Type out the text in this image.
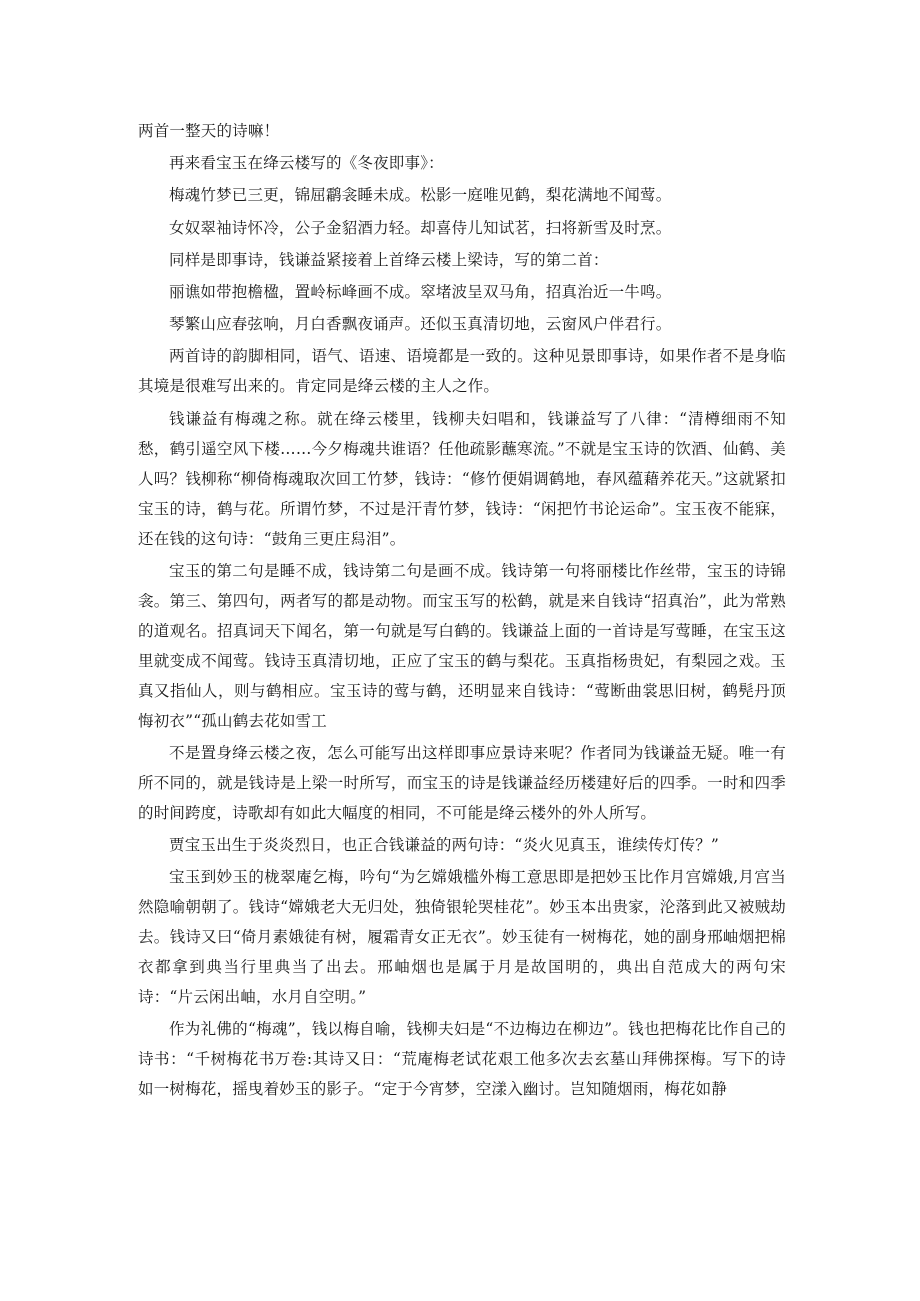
两首一整天的诗嘛！

再来看宝玉在绛云楼写的《冬夜即事》：

梅魂竹梦已三更，锦屈鹴衾睡未成。松影一庭唯见鹤，梨花满地不闻莺。

女奴翠袖诗怀冷，公子金貂酒力轻。却喜侍儿知试茗，扫将新雪及时烹。

同样是即事诗，钱谦益紧接着上首绛云楼上梁诗，写的第二首：

丽谯如带抱檐楹，置岭标峰画不成。窣堵波呈双马角，招真治近一牛鸣。

琴繁山应春弦响，月白香飘夜诵声。还似玉真清切地，云窗风户伴君行。

两首诗的韵脚相同，语气、语速、语境都是一致的。这种见景即事诗，如果作者不是身临其境是很难写出来的。肯定同是绛云楼的主人之作。

钱谦益有梅魂之称。就在绛云楼里，钱柳夫妇唱和，钱谦益写了八律：“清樽细雨不知愁，鹤引遥空风下楼……今夕梅魂共谁语？任他疏影蘸寒流。”不就是宝玉诗的饮酒、仙鹤、美人吗？钱柳称“柳倚梅魂取次回工竹梦，钱诗：“修竹便娟调鹤地，春风蕴藉养花天。”这就紧扣宝玉的诗，鹤与花。所谓竹梦，不过是汗青竹梦，钱诗：“闲把竹书论运命”。宝玉夜不能寐，还在钱的这句诗：“鼓角三更庄舄泪”。

宝玉的第二句是睡不成，钱诗第二句是画不成。钱诗第一句将丽楼比作丝带，宝玉的诗锦衾。第三、第四句，两者写的都是动物。而宝玉写的松鹤，就是来自钱诗“招真治”，此为常熟的道观名。招真词天下闻名，第一句就是写白鹤的。钱谦益上面的一首诗是写莺睡，在宝玉这里就变成不闻莺。钱诗玉真清切地，正应了宝玉的鹤与梨花。玉真指杨贵妃，有梨园之戏。玉真又指仙人，则与鹤相应。宝玉诗的莺与鹤，还明显来自钱诗：“莺断曲裳思旧树，鹤髡丹顶悔初衣”“孤山鹤去花如雪工

不是置身绛云楼之夜，怎么可能写出这样即事应景诗来呢？作者同为钱谦益无疑。唯一有所不同的，就是钱诗是上梁一时所写，而宝玉的诗是钱谦益经历楼建好后的四季。一时和四季的时间跨度，诗歌却有如此大幅度的相同，不可能是绛云楼外的外人所写。

贾宝玉出生于炎炎烈日，也正合钱谦益的两句诗：“炎火见真玉，谁续传灯传？”

宝玉到妙玉的栊翠庵乞梅，吟句“为乞嫦娥槛外梅工意思即是把妙玉比作月宫嫦娥,月宫当然隐喻朝朝了。钱诗“嫦娥老大无归处，独倚银轮哭桂花”。妙玉本出贵家，沦落到此又被贼劫去。钱诗又曰“倚月素娥徒有树，履霜青女正无衣”。妙玉徒有一树梅花，她的副身邢岫烟把棉衣都拿到典当行里典当了出去。邢岫烟也是属于月是故国明的，典出自范成大的两句宋诗：“片云闲出岫，水月自空明。”

作为礼佛的“梅魂”，钱以梅自喻，钱柳夫妇是“不边梅边在柳边”。钱也把梅花比作自己的诗书：“千树梅花书万卷:其诗又日：“荒庵梅老试花艰工他多次去玄墓山拜佛探梅。写下的诗如一树梅花，摇曳着妙玉的影子。“定于今宵梦，空漾入幽讨。岂知随烟雨，梅花如静
